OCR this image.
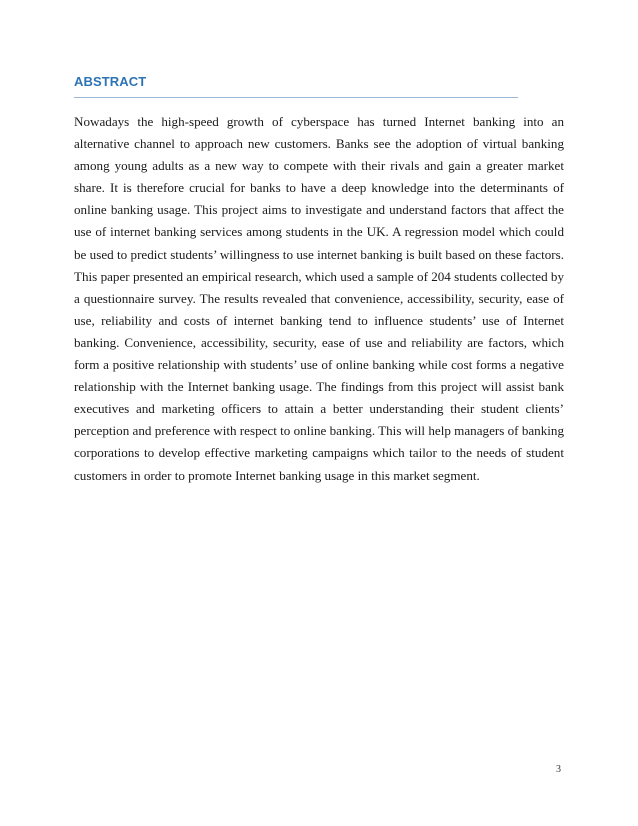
ABSTRACT

Nowadays the high-speed growth of cyberspace has turned Internet banking into an alternative channel to approach new customers. Banks see the adoption of virtual banking among young adults as a new way to compete with their rivals and gain a greater market share. It is therefore crucial for banks to have a deep knowledge into the determinants of online banking usage. This project aims to investigate and understand factors that affect the use of internet banking services among students in the UK. A regression model which could be used to predict students’ willingness to use internet banking is built based on these factors. This paper presented an empirical research, which used a sample of 204 students collected by a questionnaire survey. The results revealed that convenience, accessibility, security, ease of use, reliability and costs of internet banking tend to influence students’ use of Internet banking. Convenience, accessibility, security, ease of use and reliability are factors, which form a positive relationship with students’ use of online banking while cost forms a negative relationship with the Internet banking usage. The findings from this project will assist bank executives and marketing officers to attain a better understanding their student clients’ perception and preference with respect to online banking. This will help managers of banking corporations to develop effective marketing campaigns which tailor to the needs of student customers in order to promote Internet banking usage in this market segment.

3
